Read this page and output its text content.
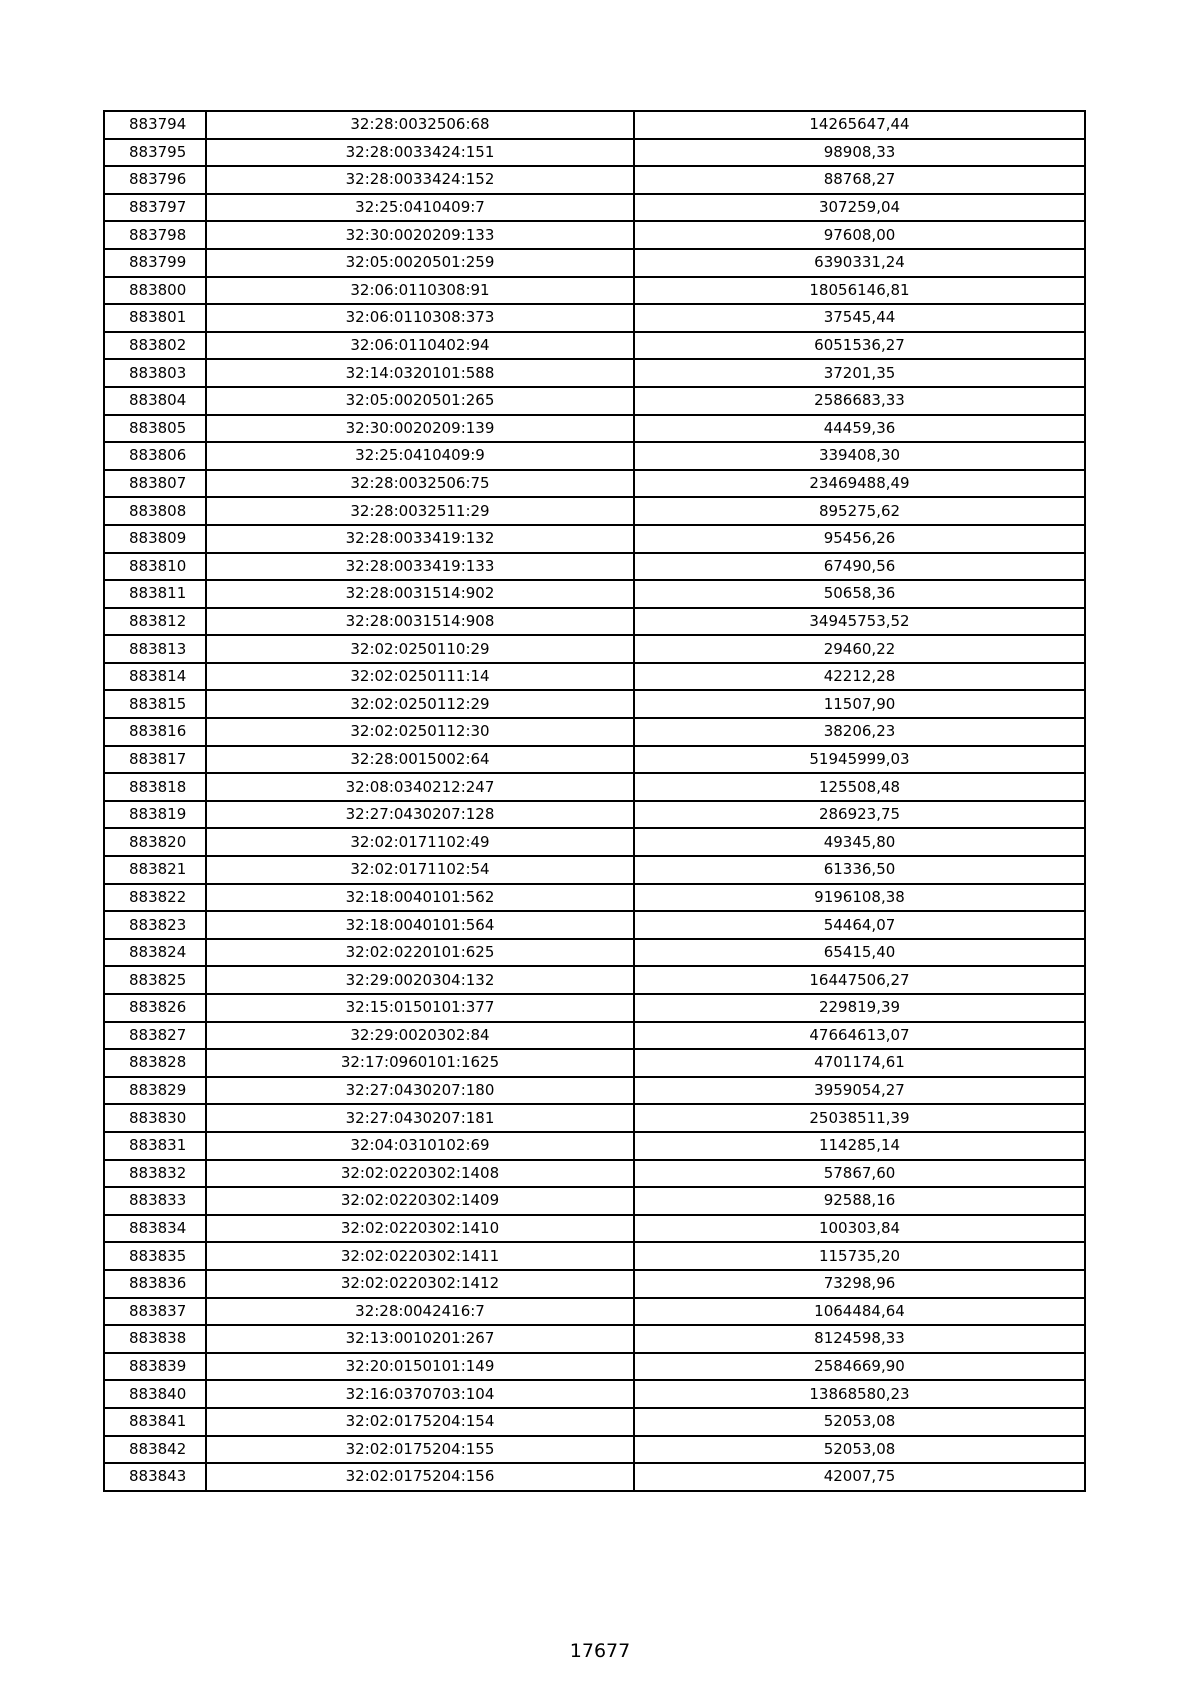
883794	32:28:0032506:68	14265647,44
883795	32:28:0033424:151	98908,33
883796	32:28:0033424:152	88768,27
883797	32:25:0410409:7	307259,04
883798	32:30:0020209:133	97608,00
883799	32:05:0020501:259	6390331,24
883800	32:06:0110308:91	18056146,81
883801	32:06:0110308:373	37545,44
883802	32:06:0110402:94	6051536,27
883803	32:14:0320101:588	37201,35
883804	32:05:0020501:265	2586683,33
883805	32:30:0020209:139	44459,36
883806	32:25:0410409:9	339408,30
883807	32:28:0032506:75	23469488,49
883808	32:28:0032511:29	895275,62
883809	32:28:0033419:132	95456,26
883810	32:28:0033419:133	67490,56
883811	32:28:0031514:902	50658,36
883812	32:28:0031514:908	34945753,52
883813	32:02:0250110:29	29460,22
883814	32:02:0250111:14	42212,28
883815	32:02:0250112:29	11507,90
883816	32:02:0250112:30	38206,23
883817	32:28:0015002:64	51945999,03
883818	32:08:0340212:247	125508,48
883819	32:27:0430207:128	286923,75
883820	32:02:0171102:49	49345,80
883821	32:02:0171102:54	61336,50
883822	32:18:0040101:562	9196108,38
883823	32:18:0040101:564	54464,07
883824	32:02:0220101:625	65415,40
883825	32:29:0020304:132	16447506,27
883826	32:15:0150101:377	229819,39
883827	32:29:0020302:84	47664613,07
883828	32:17:0960101:1625	4701174,61
883829	32:27:0430207:180	3959054,27
883830	32:27:0430207:181	25038511,39
883831	32:04:0310102:69	114285,14
883832	32:02:0220302:1408	57867,60
883833	32:02:0220302:1409	92588,16
883834	32:02:0220302:1410	100303,84
883835	32:02:0220302:1411	115735,20
883836	32:02:0220302:1412	73298,96
883837	32:28:0042416:7	1064484,64
883838	32:13:0010201:267	8124598,33
883839	32:20:0150101:149	2584669,90
883840	32:16:0370703:104	13868580,23
883841	32:02:0175204:154	52053,08
883842	32:02:0175204:155	52053,08
883843	32:02:0175204:156	42007,75
17677
